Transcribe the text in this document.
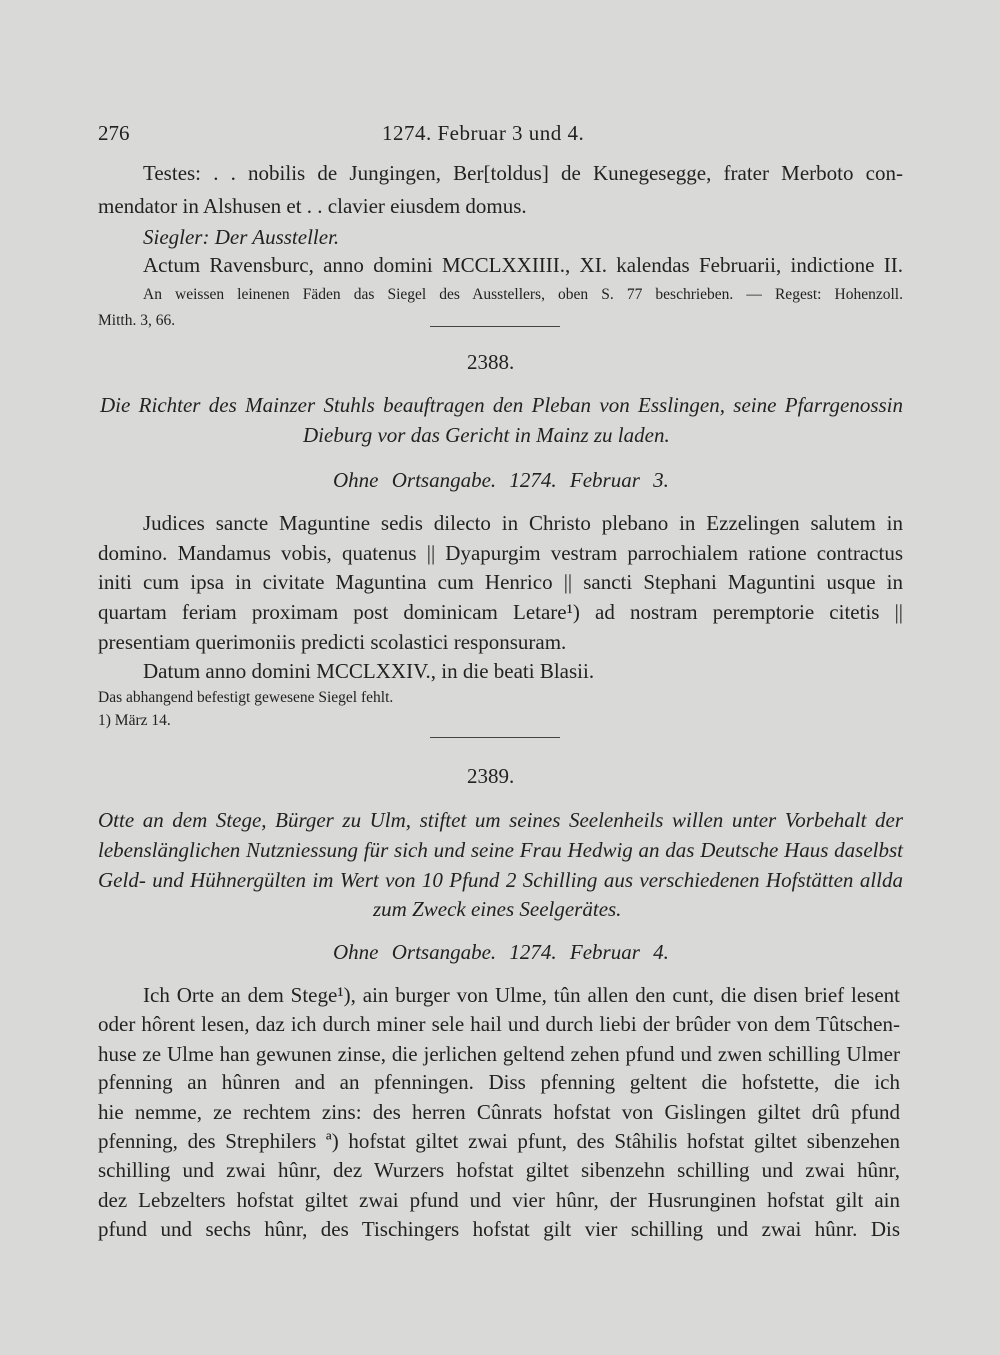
276	1274. Februar 3 und 4.
Testes: . . nobilis de Jungingen, Ber[toldus] de Kunegesegge, frater Merboto con-
mendator in Alshusen et . . clavier eiusdem domus.
Siegler: Der Aussteller.
Actum Ravensburc, anno domini MCCLXXIIII., XI. kalendas Februarii, indictione II.
An weissen leinenen Fäden das Siegel des Ausstellers, oben S. 77 beschrieben. — Regest: Hohenzoll.
Mitth. 3, 66.
2388.
Die Richter des Mainzer Stuhls beauftragen den Pleban von Esslingen, seine Pfarrgenossin
Dieburg vor das Gericht in Mainz zu laden.
Ohne Ortsangabe. 1274. Februar 3.
Judices sancte Maguntine sedis dilecto in Christo plebano in Ezzelingen salutem in
domino. Mandamus vobis, quatenus || Dyapurgim vestram parrochialem ratione contractus
initi cum ipsa in civitate Maguntina cum Henrico || sancti Stephani Maguntini usque in
quartam feriam proximam post dominicam Letare¹) ad nostram peremptorie citetis ||
presentiam querimoniis predicti scolastici responsuram.
Datum anno domini MCCLXXIV., in die beati Blasii.
Das abhangend befestigt gewesene Siegel fehlt.
1) März 14.
2389.
Otte an dem Stege, Bürger zu Ulm, stiftet um seines Seelenheils willen unter Vorbehalt der
lebenslänglichen Nutzniessung für sich und seine Frau Hedwig an das Deutsche Haus daselbst
Geld- und Hühnergülten im Wert von 10 Pfund 2 Schilling aus verschiedenen Hofstätten allda
zum Zweck eines Seelgerätes.
Ohne Ortsangabe. 1274. Februar 4.
Ich Orte an dem Stege¹), ain burger von Ulme, tûn allen den cunt, die disen brief lesent
oder hôrent lesen, daz ich durch miner sele hail und durch liebi der brûder von dem Tûtschen-
huse ze Ulme han gewunen zinse, die jerlichen geltend zehen pfund und zwen schilling Ulmer
pfenning an hûnren and an pfenningen. Diss pfenning geltent die hofstette, die ich
hie nemme, ze rechtem zins: des herren Cûnrats hofstat von Gislingen giltet drû pfund
pfenning, des Strephilers ª) hofstat giltet zwai pfunt, des Stâhilis hofstat giltet sibenzehen
schilling und zwai hûnr, dez Wurzers hofstat giltet sibenzehn schilling und zwai hûnr,
dez Lebzelters hofstat giltet zwai pfund und vier hûnr, der Husrunginen hofstat gilt ain
pfund und sechs hûnr, des Tischingers hofstat gilt vier schilling und zwai hûnr. Dis
